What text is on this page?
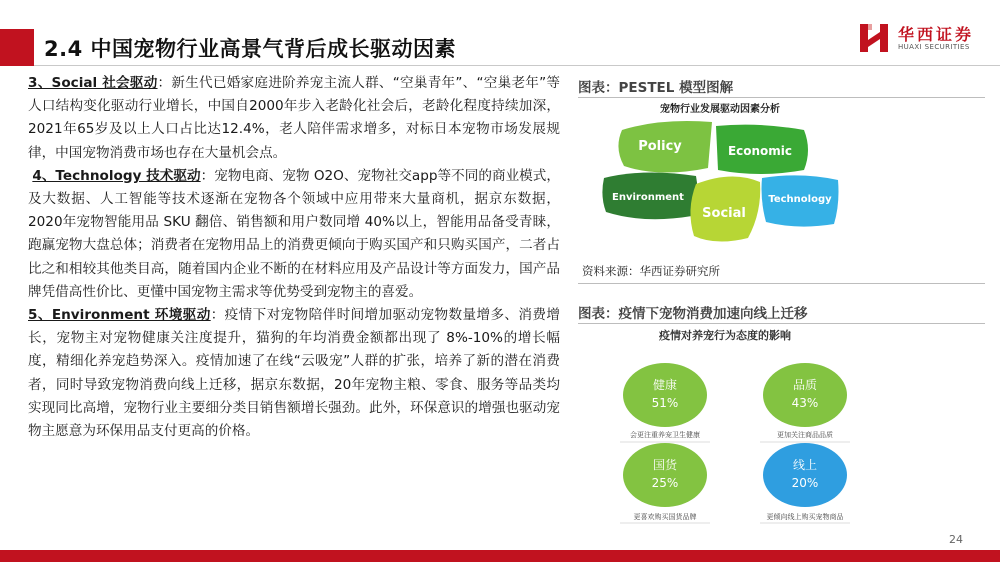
2.4 中国宠物行业高景气背后成长驱动因素
华西证券
HUAXI SECURITIES

3、Social 社会驱动：新生代已婚家庭进阶养宠主流人群、“空巢青年”、“空巢老年”等人口结构变化驱动行业增长，中国自2000年步入老龄化社会后，老龄化程度持续加深，2021年65岁及以上人口占比达12.4%，老人陪伴需求增多，对标日本宠物市场发展规律，中国宠物消费市场也存在大量机会点。

4、Technology 技术驱动：宠物电商、宠物 O2O、宠物社交app等不同的商业模式，及大数据、人工智能等技术逐渐在宠物各个领域中应用带来大量商机，据京东数据，2020年宠物智能用品 SKU 翻倍、销售额和用户数同增 40%以上，智能用品备受青睐，跑赢宠物大盘总体；消费者在宠物用品上的消费更倾向于购买国产和只购买国产，二者占比之和相较其他类目高，随着国内企业不断的在材料应用及产品设计等方面发力，国产品牌凭借高性价比、更懂中国宠物主需求等优势受到宠物主的喜爱。

5、Environment 环境驱动：疫情下对宠物陪伴时间增加驱动宠物数量增多、消费增长，宠物主对宠物健康关注度提升，猫狗的年均消费金额都出现了 8%-10%的增长幅度，精细化养宠趋势深入。疫情加速了在线“云吸宠”人群的扩张，培养了新的潜在消费者，同时导致宠物消费向线上迁移，据京东数据，20年宠物主粮、零食、服务等品类均实现同比高增，宠物行业主要细分类目销售额增长强劲。此外，环保意识的增强也驱动宠物主愿意为环保用品支付更高的价格。

图表：PESTEL 模型图解
宠物行业发展驱动因素分析
Policy	Economic
Environment
Social
Technology
资料来源：华西证券研究所
图表：疫情下宠物消费加速向线上迁移
疫情对养宠行为态度的影响
健康
51%
会更注重养宠卫生健康
品质
43%
更加关注商品品质
国货
25%
更喜欢购买国货品牌
线上
20%
更倾向线上购买宠物商品
24
